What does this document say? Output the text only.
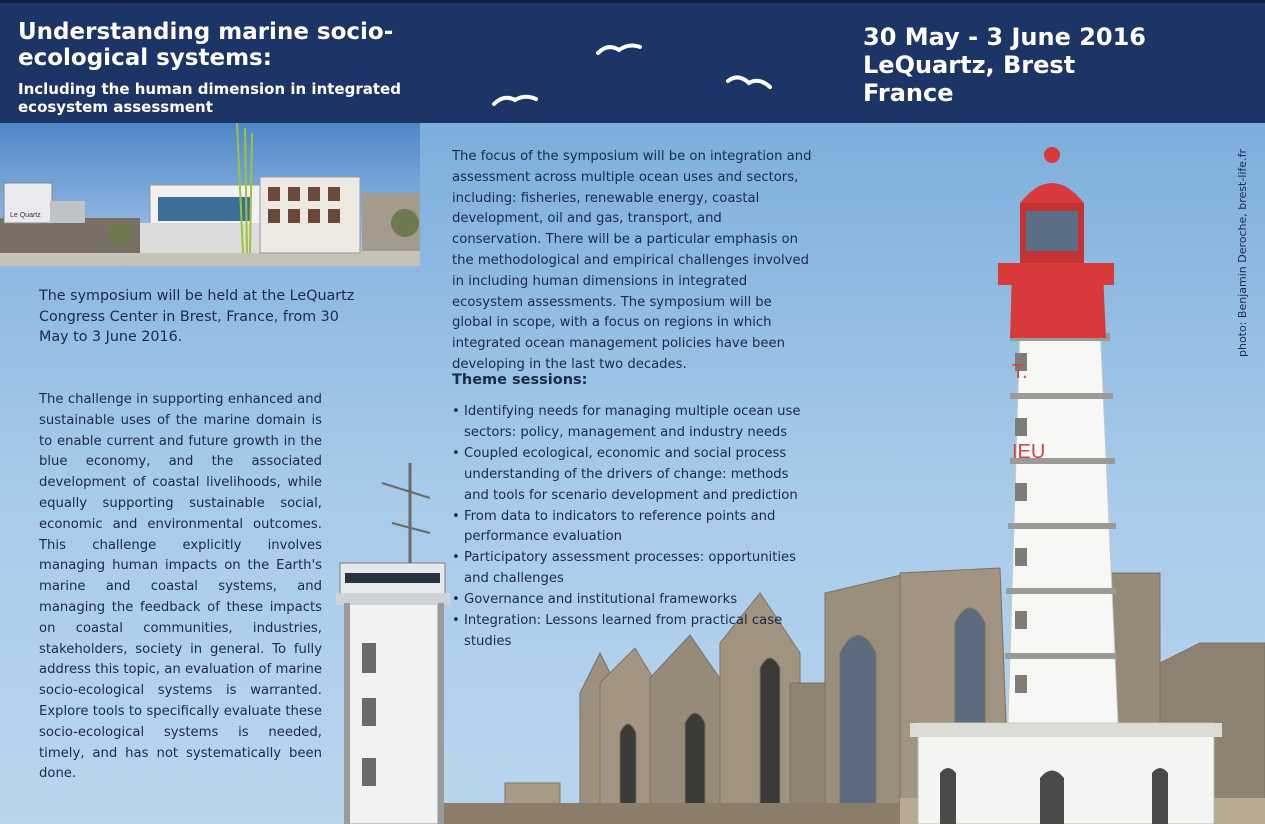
T.
IEU
Understanding marine socio-ecological systems:
Including the human dimension in integrated ecosystem assessment
30 May - 3 June 2016
LeQuartz, Brest
France
Le Quartz

The symposium will be held at the LeQuartz Congress Center in Brest, France, from 30 May to 3 June 2016.

The challenge in supporting enhanced and sustainable uses of the marine domain is to enable current and future growth in the blue economy, and the associated development of coastal livelihoods, while equally supporting sustainable social, economic and environmental outcomes. This challenge explicitly involves managing human impacts on the Earth's marine and coastal systems, and managing the feedback of these impacts on coastal communities, industries, stakeholders, society in general. To fully address this topic, an evaluation of marine socio-ecological systems is warranted. Explore tools to specifically evaluate these socio-ecological systems is needed, timely, and has not systematically been done.

The focus of the symposium will be on integration and assessment across multiple ocean uses and sectors, including: fisheries, renewable energy, coastal development, oil and gas, transport, and conservation. There will be a particular emphasis on the methodological and empirical challenges involved in including human dimensions in integrated ecosystem assessments. The symposium will be global in scope, with a focus on regions in which integrated ocean management policies have been developing in the last two decades.

Theme sessions:
• Identifying needs for managing multiple ocean use sectors: policy, management and industry needs
• Coupled ecological, economic and social process understanding of the drivers of change: methods and tools for scenario development and prediction
• From data to indicators to reference points and performance evaluation
• Participatory assessment processes: opportunities and challenges
• Governance and institutional frameworks
• Integration: Lessons learned from practical case studies
photo: Benjamin Deroche, brest-life.fr
